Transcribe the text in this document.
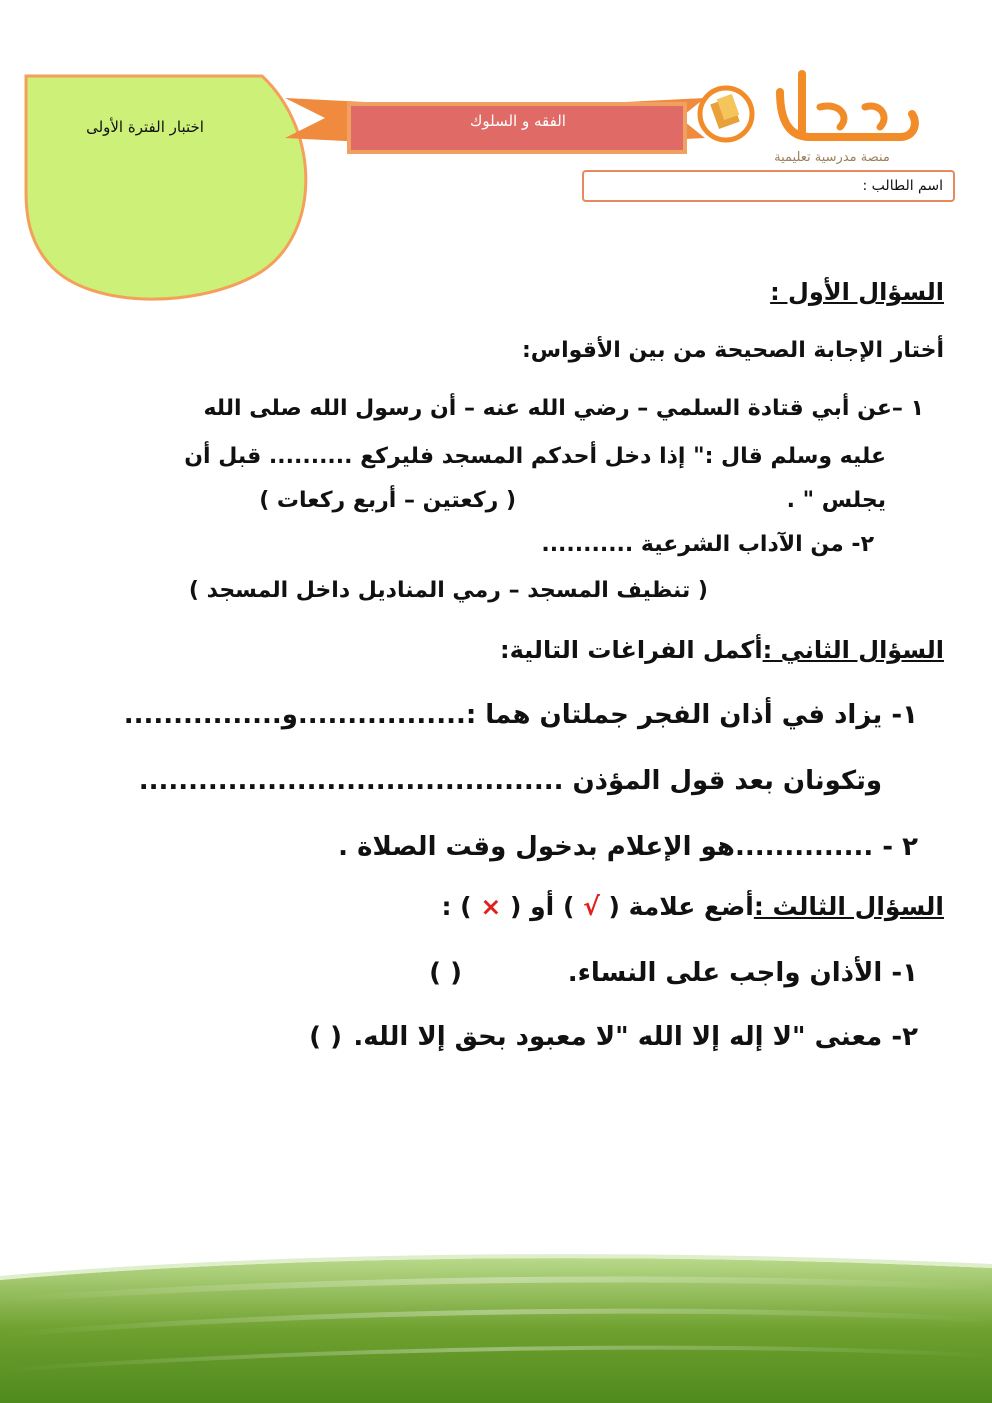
اختبار الفترة الأولى	الفقه و السلوك
منصة مدرسية تعليمية
اسم الطالب :
السؤال الأول :
أختار الإجابة الصحيحة من بين الأقواس:
١ –عن أبي قتادة السلمي – رضي الله عنه – أن رسول الله صلى الله
عليه وسلم قال :" إذا دخل أحدكم المسجد فليركع .......... قبل أن
يجلس " .
( ركعتين – أربع ركعات )
٢- من الآداب الشرعية ...........
( تنظيف المسجد – رمي المناديل داخل المسجد )
السؤال الثاني :أكمل الفراغات التالية:
١- يزاد في أذان الفجر جملتان هما :.................و................
وتكونان بعد قول المؤذن ...........................................
٢ - ..............هو الإعلام بدخول وقت الصلاة .
السؤال الثالث :أضع علامة ( √ ) أو ( × ) :
١- الأذان واجب على النساء.
( )
٢- معنى "لا إله إلا الله "لا معبود بحق إلا الله.
( )
